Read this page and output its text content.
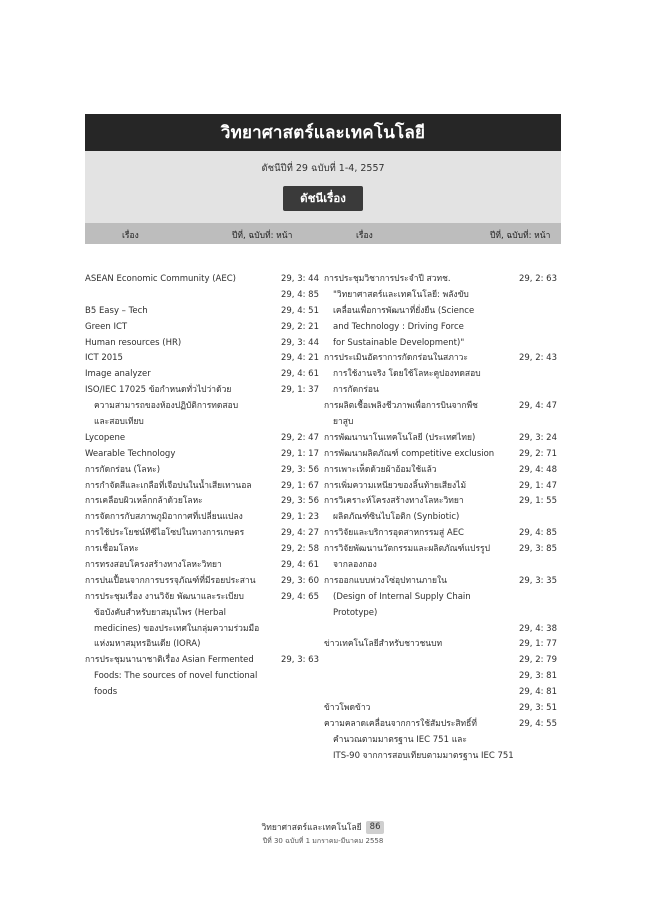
วิทยาศาสตร์และเทคโนโลยี
ดัชนีปีที่ 29 ฉบับที่ 1-4, 2557
ดัชนีเรื่อง
เรื่อง	ปีที่, ฉบับที่: หน้า	เรื่อง	ปีที่, ฉบับที่: หน้า
ASEAN Economic Community (AEC)	29, 3: 44
29, 4: 85
B5 Easy – Tech	29, 4: 51
Green ICT	29, 2: 21
Human resources (HR)	29, 3: 44
ICT 2015	29, 4: 21
Image analyzer	29, 4: 61
ISO/IEC 17025 ข้อกำหนดทั่วไปว่าด้วย	29, 1: 37
ความสามารถของห้องปฏิบัติการทดสอบ
และสอบเทียบ
Lycopene	29, 2: 47
Wearable Technology	29, 1: 17
การกัดกร่อน (โลหะ)	29, 3: 56
การกำจัดสีและเกลือที่เจือปนในน้ำเสียเทานอล	29, 1: 67
การเคลือบผิวเหล็กกล้าด้วยโลหะ	29, 3: 56
การจัดการกับสภาพภูมิอากาศที่เปลี่ยนแปลง	29, 1: 23
การใช้ประโยชน์ทีซีไอโซปในทางการเกษตร	29, 4: 27
การเชื่อมโลหะ	29, 2: 58
การทรงสอบโครงสร้างทางโลหะวิทยา	29, 4: 61
การปนเปื้อนจากการบรรจุภัณฑ์ที่มีรอยประสาน	29, 3: 60
การประชุมเรื่อง งานวิจัย พัฒนาและระเบียบ	29, 4: 65
ข้อบังคับสำหรับยาสมุนไพร (Herbal
medicines) ของประเทศในกลุ่มความร่วมมือ
แห่งมหาสมุทรอินเดีย (IORA)
การประชุมนานาชาติเรื่อง Asian Fermented	29, 3: 63
Foods: The sources of novel functional
foods
การประชุมวิชาการประจำปี สวทช.	29, 2: 63
"วิทยาศาสตร์และเทคโนโลยี: พลังขับ
เคลื่อนเพื่อการพัฒนาที่ยั่งยืน (Science
and Technology : Driving Force
for Sustainable Development)"
การประเมินอัตราการกัดกร่อนในสภาวะ	29, 2: 43
การใช้งานจริง โดยใช้โลหะคูปองทดสอบ
การกัดกร่อน
การผลิตเชื้อเพลิงชีวภาพเพื่อการบินจากพืช	29, 4: 47
ยาสูบ
การพัฒนานาโนเทคโนโลยี (ประเทศไทย)	29, 3: 24
การพัฒนาผลิตภัณฑ์ competitive exclusion	29, 2: 71
การเพาะเห็ดด้วยผ้าอ้อมใช้แล้ว	29, 4: 48
การเพิ่มความเหนียวของลิ้นท้ายเสียงไม้	29, 1: 47
การวิเคราะห์โครงสร้างทางโลหะวิทยา	29, 1: 55
ผลิตภัณฑ์ซินไบโอติก (Synbiotic)
การวิจัยและบริการอุตสาหกรรมสู่ AEC	29, 4: 85
การวิจัยพัฒนานวัตกรรมและผลิตภัณฑ์แปรรูป	29, 3: 85
จากลองกอง
การออกแบบห่วงโซ่อุปทานภายใน	29, 3: 35
(Design of Internal Supply Chain
Prototype)
29, 4: 38
ข่าวเทคโนโลยีสำหรับชาวชนบท	29, 1: 77
29, 2: 79
29, 3: 81
29, 4: 81
ข้าวโพดข้าว	29, 3: 51
ความคลาดเคลื่อนจากการใช้สัมประสิทธิ์ที่	29, 4: 55
คำนวณตามมาตรฐาน IEC 751 และ
ITS-90 จากการสอบเทียบตามมาตรฐาน IEC 751
วิทยาศาสตร์และเทคโนโลยี 86
ปีที่ 30 ฉบับที่ 1 มกราคม-มีนาคม 2558
